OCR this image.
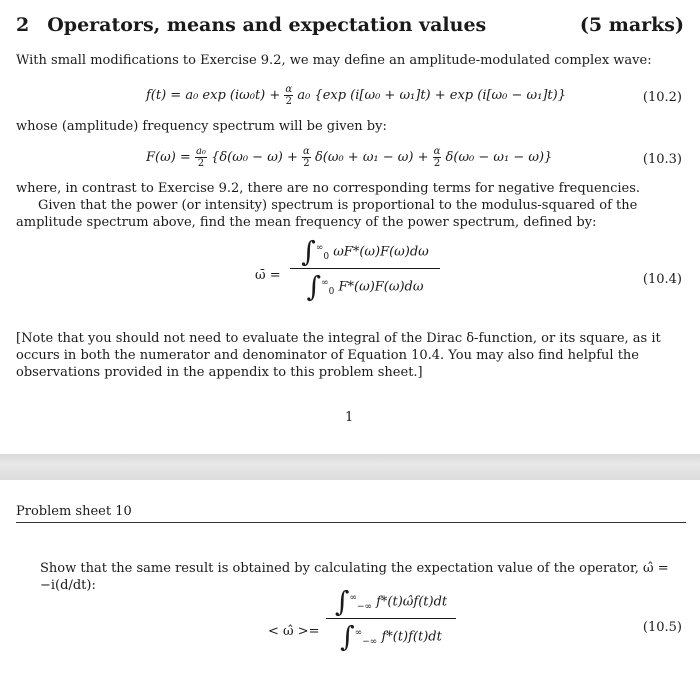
2 Operators, means and expectation values	(5 marks)
With small modifications to Exercise 9.2, we may define an amplitude-modulated complex wave:
f(t) = a₀ $\exp (i\omega_0t) + \frac{\alpha}{2} a_0$ {exp (i[ω₀ + ω₁]t) + exp (i[ω₀ − ω₁]t)}	(10.2)
whose (amplitude) frequency spectrum will be given by:
$F(\omega) = \frac{\text{a₀}}{2} \{\delta(\omega_0 - \omega) + \frac{\alpha}{2} \delta(\omega_0 + \omega_1 - \omega) + \frac{\alpha}{2} \delta(\omega_0 - \omega_1 - \omega)\}$	(10.3)
where, in contrast to Exercise 9.2, there are no corresponding terms for negative frequencies.
Given that the power (or intensity) spectrum is proportional to the modulus-squared of the amplitude spectrum above, find the mean frequency of the power spectrum, defined by:
ω̄ =
$\int^\infty_0$ ωF*(ω)F(ω)dω
$\int^\infty_0$ F*(ω)F(ω)dω	(10.4)
[Note that you should not need to evaluate the integral of the Dirac δ-function, or its square, as it occurs in both the numerator and denominator of Equation 10.4. You may also find helpful the observations provided in the appendix to this problem sheet.]
1
Problem sheet 10
Show that the same result is obtained by calculating the expectation value of the operator, ω̂ = −i(d/dt):
< ω̂ >=
$\int^\infty_{-\infty}$ f*(t)ω̂f(t)dt
$\int^\infty_{-\infty}$ f*(t)f(t)dt
(10.5)
